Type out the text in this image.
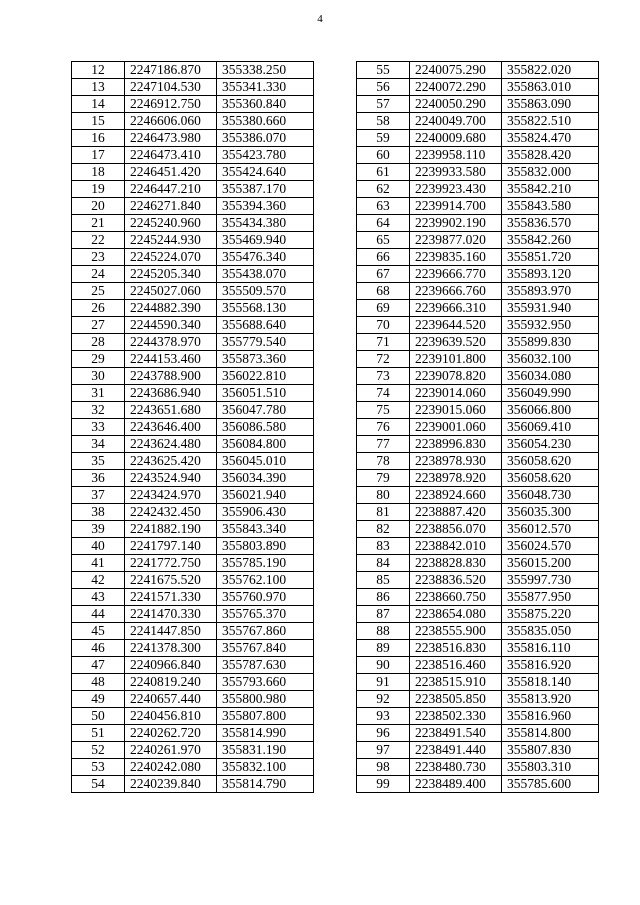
4
12	2247186.870	355338.250
13	2247104.530	355341.330
14	2246912.750	355360.840
15	2246606.060	355380.660
16	2246473.980	355386.070
17	2246473.410	355423.780
18	2246451.420	355424.640
19	2246447.210	355387.170
20	2246271.840	355394.360
21	2245240.960	355434.380
22	2245244.930	355469.940
23	2245224.070	355476.340
24	2245205.340	355438.070
25	2245027.060	355509.570
26	2244882.390	355568.130
27	2244590.340	355688.640
28	2244378.970	355779.540
29	2244153.460	355873.360
30	2243788.900	356022.810
31	2243686.940	356051.510
32	2243651.680	356047.780
33	2243646.400	356086.580
34	2243624.480	356084.800
35	2243625.420	356045.010
36	2243524.940	356034.390
37	2243424.970	356021.940
38	2242432.450	355906.430
39	2241882.190	355843.340
40	2241797.140	355803.890
41	2241772.750	355785.190
42	2241675.520	355762.100
43	2241571.330	355760.970
44	2241470.330	355765.370
45	2241447.850	355767.860
46	2241378.300	355767.840
47	2240966.840	355787.630
48	2240819.240	355793.660
49	2240657.440	355800.980
50	2240456.810	355807.800
51	2240262.720	355814.990
52	2240261.970	355831.190
53	2240242.080	355832.100
54	2240239.840	355814.790
55	2240075.290	355822.020
56	2240072.290	355863.010
57	2240050.290	355863.090
58	2240049.700	355822.510
59	2240009.680	355824.470
60	2239958.110	355828.420
61	2239933.580	355832.000
62	2239923.430	355842.210
63	2239914.700	355843.580
64	2239902.190	355836.570
65	2239877.020	355842.260
66	2239835.160	355851.720
67	2239666.770	355893.120
68	2239666.760	355893.970
69	2239666.310	355931.940
70	2239644.520	355932.950
71	2239639.520	355899.830
72	2239101.800	356032.100
73	2239078.820	356034.080
74	2239014.060	356049.990
75	2239015.060	356066.800
76	2239001.060	356069.410
77	2238996.830	356054.230
78	2238978.930	356058.620
79	2238978.920	356058.620
80	2238924.660	356048.730
81	2238887.420	356035.300
82	2238856.070	356012.570
83	2238842.010	356024.570
84	2238828.830	356015.200
85	2238836.520	355997.730
86	2238660.750	355877.950
87	2238654.080	355875.220
88	2238555.900	355835.050
89	2238516.830	355816.110
90	2238516.460	355816.920
91	2238515.910	355818.140
92	2238505.850	355813.920
93	2238502.330	355816.960
96	2238491.540	355814.800
97	2238491.440	355807.830
98	2238480.730	355803.310
99	2238489.400	355785.600
